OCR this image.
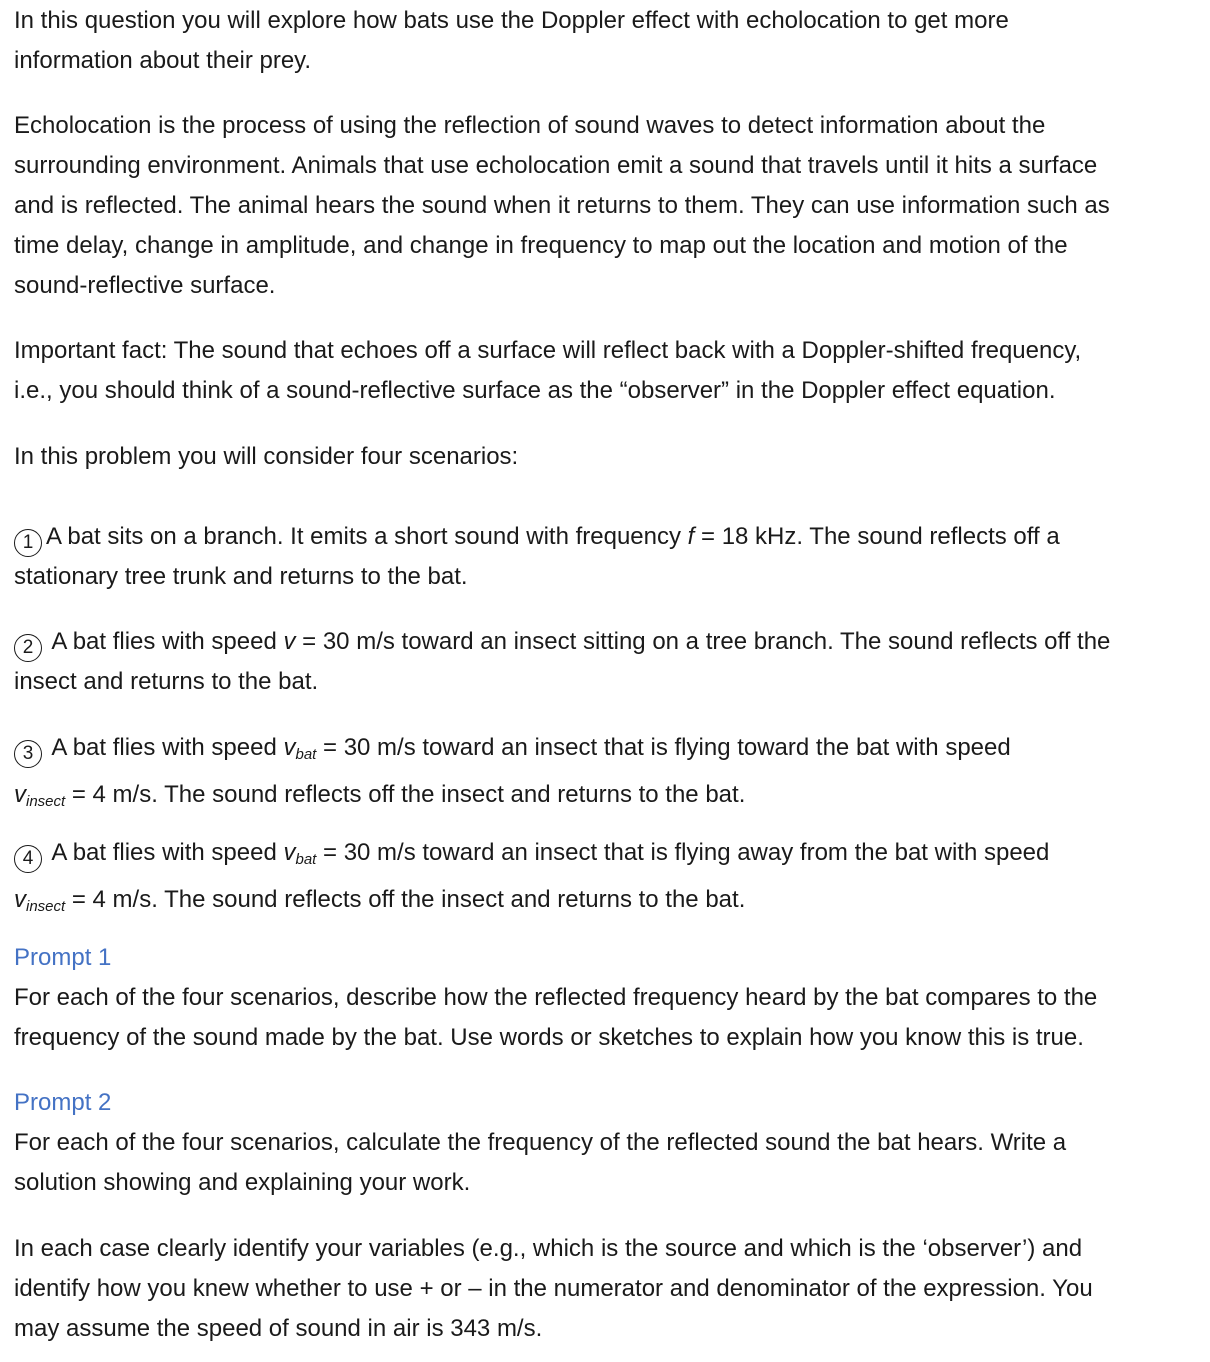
In this question you will explore how bats use the Doppler effect with echolocation to get more
information about their prey.

Echolocation is the process of using the reflection of sound waves to detect information about the
surrounding environment. Animals that use echolocation emit a sound that travels until it hits a surface
and is reflected. The animal hears the sound when it returns to them. They can use information such as
time delay, change in amplitude, and change in frequency to map out the location and motion of the
sound-reflective surface.

Important fact: The sound that echoes off a surface will reflect back with a Doppler-shifted frequency,
i.e., you should think of a sound-reflective surface as the “observer” in the Doppler effect equation.

In this problem you will consider four scenarios:

1 A bat sits on a branch. It emits a short sound with frequency f = 18 kHz. The sound reflects off a
stationary tree trunk and returns to the bat.

2 A bat flies with speed v = 30 m/s toward an insect sitting on a tree branch. The sound reflects off the
insect and returns to the bat.

3 A bat flies with speed $v_{bat} = 30$ m/s toward an insect that is flying toward the bat with speed
$v_{insect} = 4$ m/s. The sound reflects off the insect and returns to the bat.

4 A bat flies with speed $v_{bat} = 30$ m/s toward an insect that is flying away from the bat with speed
$v_{insect} = 4$ m/s. The sound reflects off the insect and returns to the bat.

Prompt 1
For each of the four scenarios, describe how the reflected frequency heard by the bat compares to the
frequency of the sound made by the bat. Use words or sketches to explain how you know this is true.

Prompt 2
For each of the four scenarios, calculate the frequency of the reflected sound the bat hears. Write a
solution showing and explaining your work.

In each case clearly identify your variables (e.g., which is the source and which is the ‘observer’) and
identify how you knew whether to use + or – in the numerator and denominator of the expression. You
may assume the speed of sound in air is 343 m/s.
